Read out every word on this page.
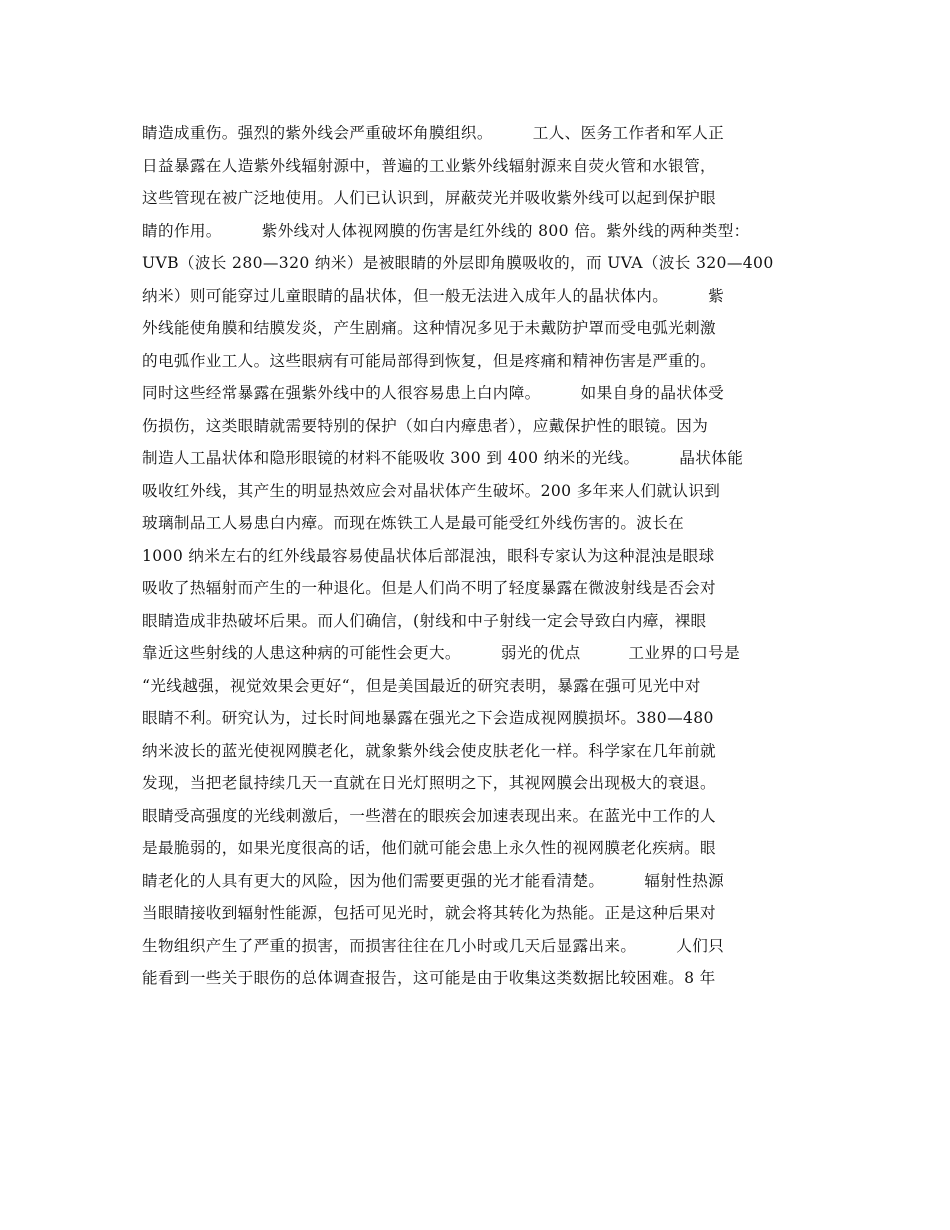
睛造成重伤。强烈的紫外线会严重破坏角膜组织。　　　工人、医务工作者和军人正
日益暴露在人造紫外线辐射源中，普遍的工业紫外线辐射源来自荧火管和水银管，
这些管现在被广泛地使用。人们已认识到，屏蔽荧光并吸收紫外线可以起到保护眼
睛的作用。　　　紫外线对人体视网膜的伤害是红外线的 800 倍。紫外线的两种类型：
UVB（波长 280—320 纳米）是被眼睛的外层即角膜吸收的，而 UVA（波长 320—400
纳米）则可能穿过儿童眼睛的晶状体，但一般无法进入成年人的晶状体内。　　　紫
外线能使角膜和结膜发炎，产生剧痛。这种情况多见于未戴防护罩而受电弧光刺激
的电弧作业工人。这些眼病有可能局部得到恢复，但是疼痛和精神伤害是严重的。
同时这些经常暴露在强紫外线中的人很容易患上白内障。　　　如果自身的晶状体受
伤损伤，这类眼睛就需要特别的保护（如白内瘴患者），应戴保护性的眼镜。因为
制造人工晶状体和隐形眼镜的材料不能吸收 300 到 400 纳米的光线。　　　晶状体能
吸收红外线，其产生的明显热效应会对晶状体产生破坏。200 多年来人们就认识到
玻璃制品工人易患白内瘴。而现在炼铁工人是最可能受红外线伤害的。波长在
1000 纳米左右的红外线最容易使晶状体后部混浊，眼科专家认为这种混浊是眼球
吸收了热辐射而产生的一种退化。但是人们尚不明了轻度暴露在微波射线是否会对
眼睛造成非热破坏后果。而人们确信，(射线和中子射线一定会导致白内瘴，裸眼
靠近这些射线的人患这种病的可能性会更大。　　　弱光的优点　　　工业界的口号是
“光线越强，视觉效果会更好“，但是美国最近的研究表明，暴露在强可见光中对
眼睛不利。研究认为，过长时间地暴露在强光之下会造成视网膜损坏。380—480
纳米波长的蓝光使视网膜老化，就象紫外线会使皮肤老化一样。科学家在几年前就
发现，当把老鼠持续几天一直就在日光灯照明之下，其视网膜会出现极大的衰退。
眼睛受高强度的光线刺激后，一些潜在的眼疾会加速表现出来。在蓝光中工作的人
是最脆弱的，如果光度很高的话，他们就可能会患上永久性的视网膜老化疾病。眼
睛老化的人具有更大的风险，因为他们需要更强的光才能看清楚。　　　辐射性热源
当眼睛接收到辐射性能源，包括可见光时，就会将其转化为热能。正是这种后果对
生物组织产生了严重的损害，而损害往往在几小时或几天后显露出来。　　　人们只
能看到一些关于眼伤的总体调查报告，这可能是由于收集这类数据比较困难。8 年
